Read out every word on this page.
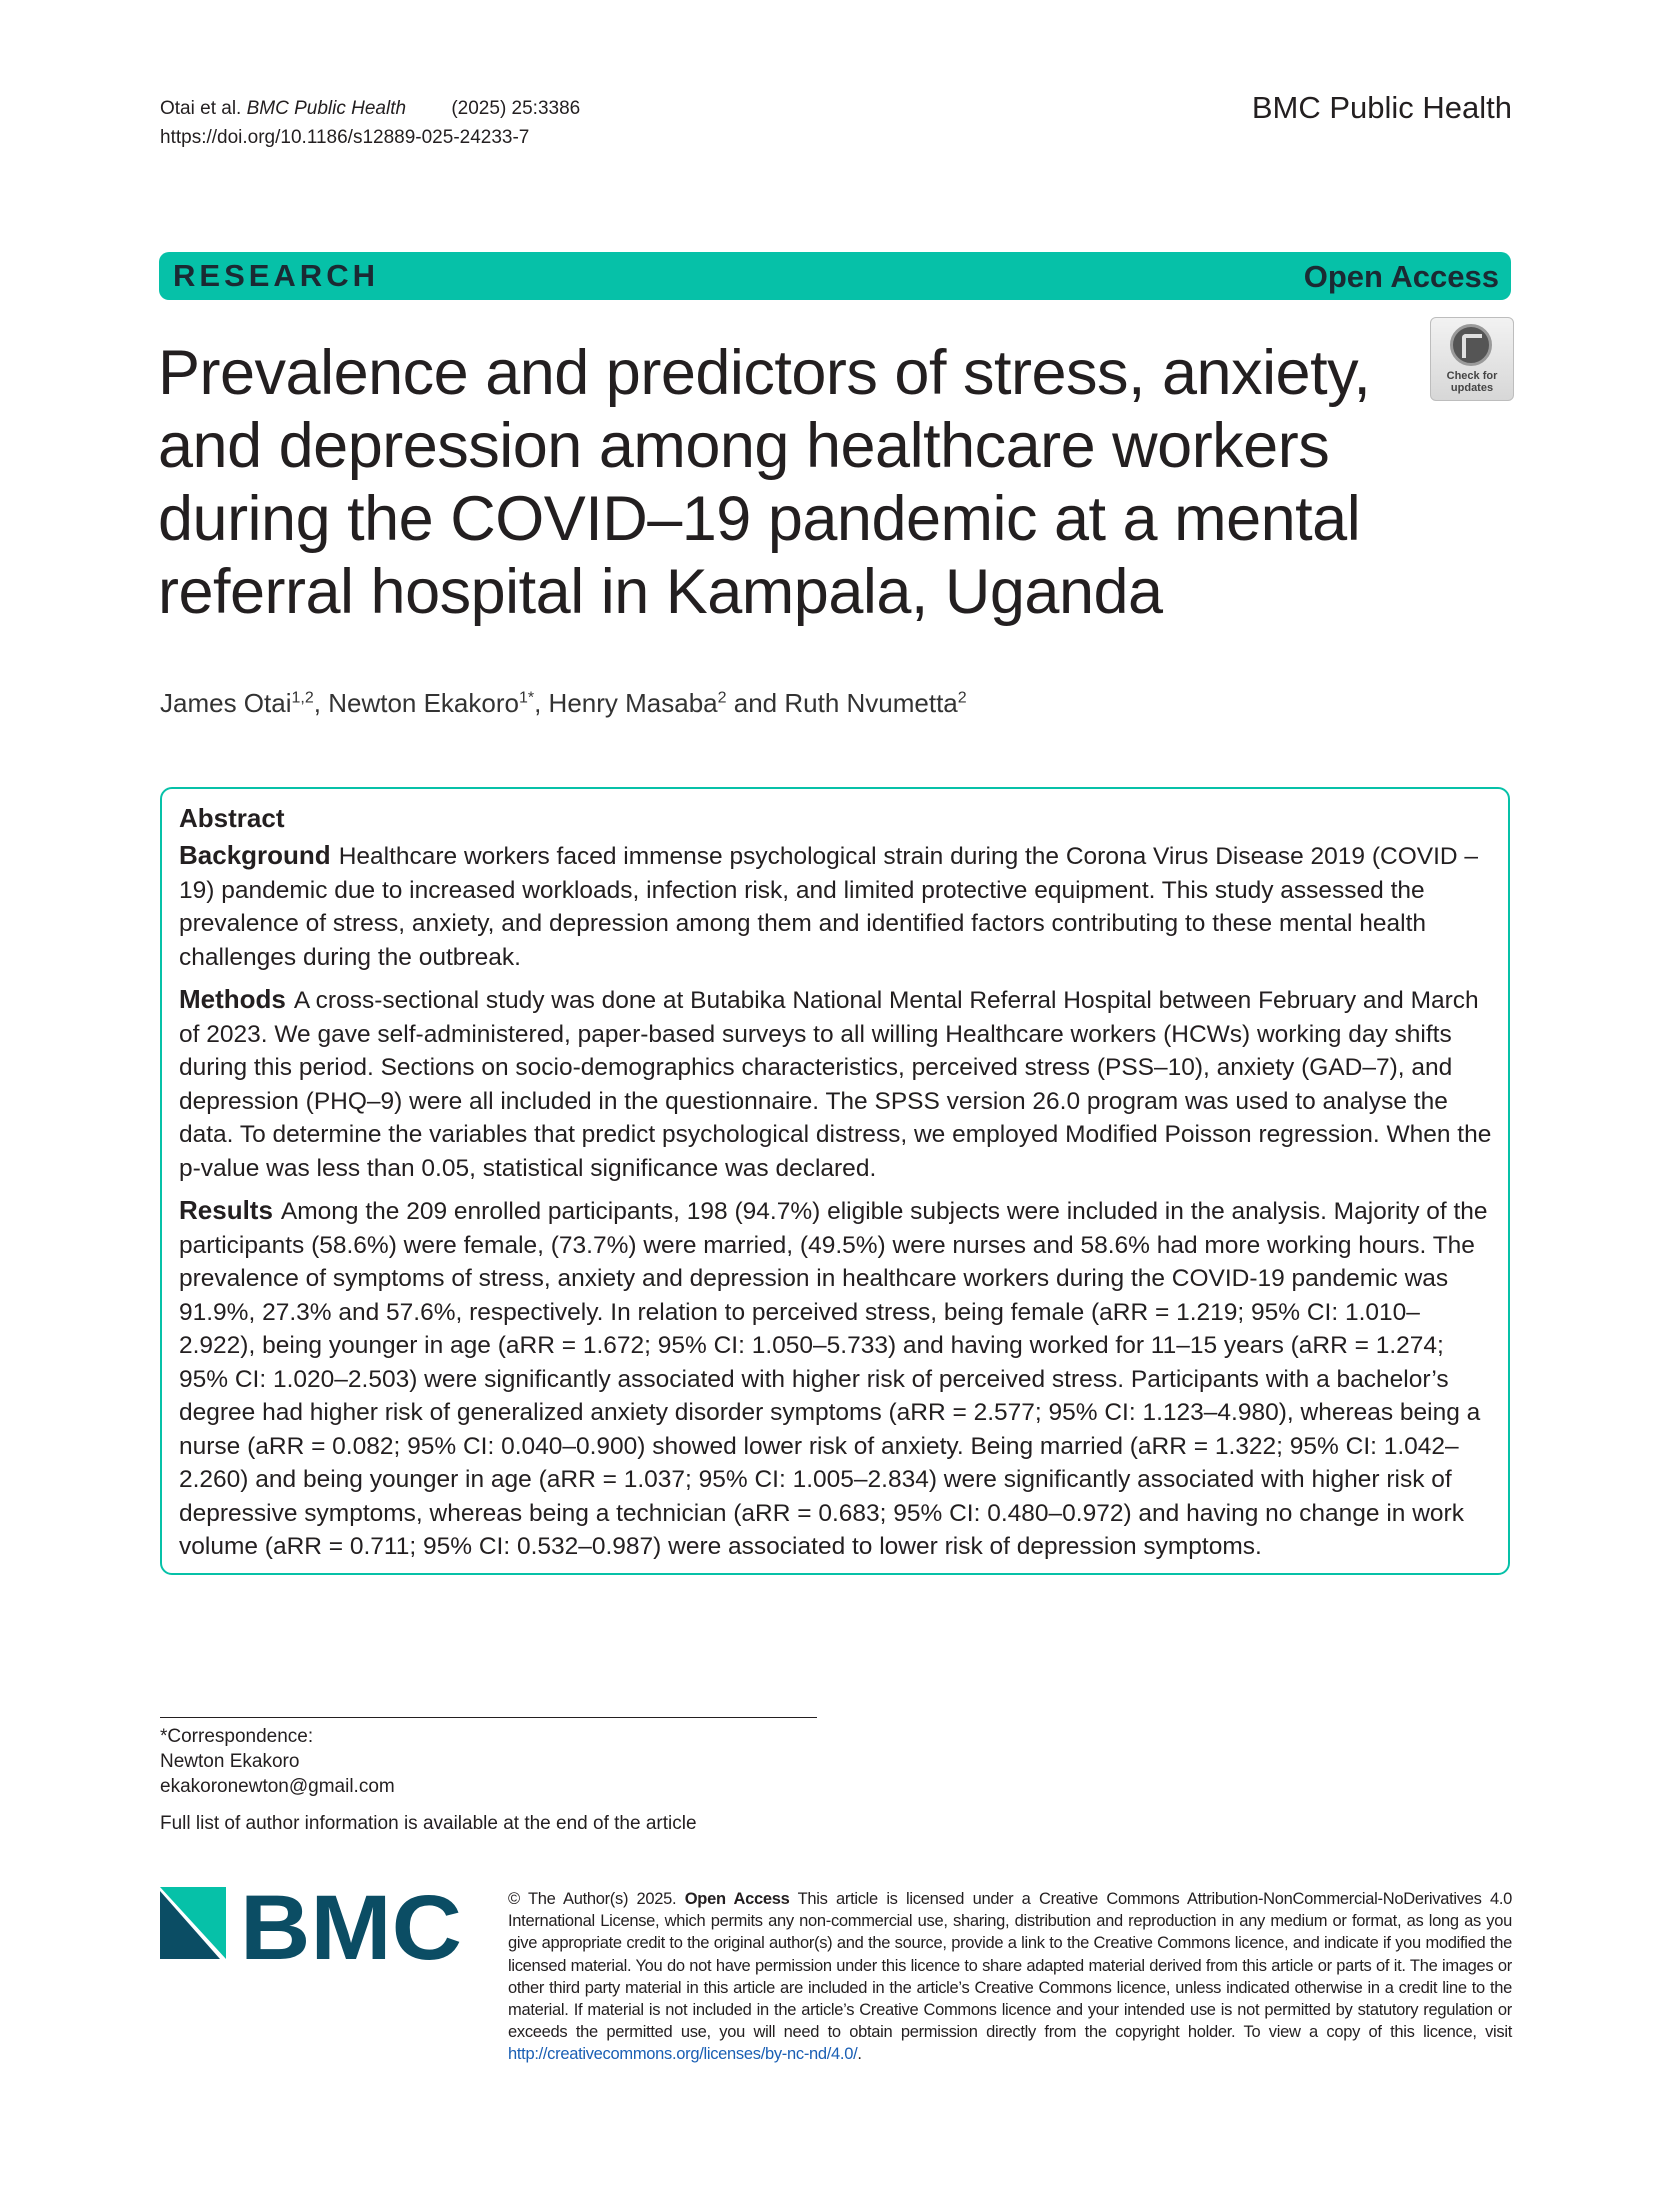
Otai et al. BMC Public Health (2025) 25:3386
https://doi.org/10.1186/s12889-025-24233-7
BMC Public Health
RESEARCH	Open Access
Check for
updates
Prevalence and predictors of stress, anxiety, and depression among healthcare workers during the COVID–19 pandemic at a mental referral hospital in Kampala, Uganda
James Otai$^{1,2}$, Newton Ekakoro$^{1*}$, Henry Masaba$^2$ and Ruth Nvumetta$^2$
Abstract

Background Healthcare workers faced immense psychological strain during the Corona Virus Disease 2019 (COVID – 19) pandemic due to increased workloads, infection risk, and limited protective equipment. This study assessed the prevalence of stress, anxiety, and depression among them and identified factors contributing to these mental health challenges during the outbreak.

Methods A cross-sectional study was done at Butabika National Mental Referral Hospital between February and March of 2023. We gave self-administered, paper-based surveys to all willing Healthcare workers (HCWs) working day shifts during this period. Sections on socio-demographics characteristics, perceived stress (PSS–10), anxiety (GAD–7), and depression (PHQ–9) were all included in the questionnaire. The SPSS version 26.0 program was used to analyse the data. To determine the variables that predict psychological distress, we employed Modified Poisson regression. When the p-value was less than 0.05, statistical significance was declared.

Results Among the 209 enrolled participants, 198 (94.7%) eligible subjects were included in the analysis. Majority of the participants (58.6%) were female, (73.7%) were married, (49.5%) were nurses and 58.6% had more working hours. The prevalence of symptoms of stress, anxiety and depression in healthcare workers during the COVID-19 pandemic was 91.9%, 27.3% and 57.6%, respectively. In relation to perceived stress, being female (aRR = 1.219; 95% CI: 1.010–2.922), being younger in age (aRR = 1.672; 95% CI: 1.050–5.733) and having worked for 11–15 years (aRR = 1.274; 95% CI: 1.020–2.503) were significantly associated with higher risk of perceived stress. Participants with a bachelor’s degree had higher risk of generalized anxiety disorder symptoms (aRR = 2.577; 95% CI: 1.123–4.980), whereas being a nurse (aRR = 0.082; 95% CI: 0.040–0.900) showed lower risk of anxiety. Being married (aRR = 1.322; 95% CI: 1.042–2.260) and being younger in age (aRR = 1.037; 95% CI: 1.005–2.834) were significantly associated with higher risk of depressive symptoms, whereas being a technician (aRR = 0.683; 95% CI: 0.480–0.972) and having no change in work volume (aRR = 0.711; 95% CI: 0.532–0.987) were associated to lower risk of depression symptoms.

*Correspondence:
Newton Ekakoro
ekakoronewton@gmail.com
Full list of author information is available at the end of the article
BMC	© The Author(s) 2025. Open Access This article is licensed under a Creative Commons Attribution-NonCommercial-NoDerivatives 4.0 International License, which permits any non-commercial use, sharing, distribution and reproduction in any medium or format, as long as you give appropriate credit to the original author(s) and the source, provide a link to the Creative Commons licence, and indicate if you modified the licensed material. You do not have permission under this licence to share adapted material derived from this article or parts of it. The images or other third party material in this article are included in the article’s Creative Commons licence, unless indicated otherwise in a credit line to the material. If material is not included in the article’s Creative Commons licence and your intended use is not permitted by statutory regulation or exceeds the permitted use, you will need to obtain permission directly from the copyright holder. To view a copy of this licence, visit http://creativecommons.org/licenses/by-nc-nd/4.0/.
